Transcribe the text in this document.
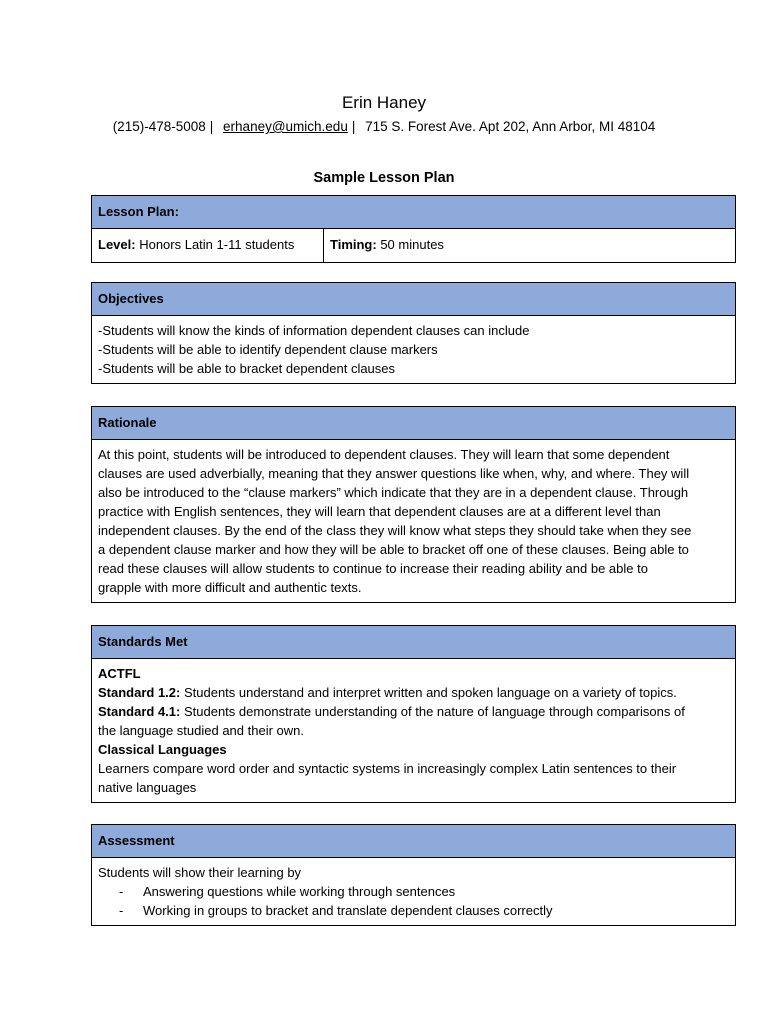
Erin Haney
(215)-478-5008 | erhaney@umich.edu | 715 S. Forest Ave. Apt 202, Ann Arbor, MI 48104
Sample Lesson Plan
Lesson Plan:
Level: Honors Latin 1-11 students	Timing: 50 minutes
Objectives
-Students will know the kinds of information dependent clauses can include
-Students will be able to identify dependent clause markers
-Students will be able to bracket dependent clauses
Rationale
At this point, students will be introduced to dependent clauses. They will learn that some dependent
clauses are used adverbially, meaning that they answer questions like when, why, and where. They will
also be introduced to the “clause markers” which indicate that they are in a dependent clause. Through
practice with English sentences, they will learn that dependent clauses are at a different level than
independent clauses. By the end of the class they will know what steps they should take when they see
a dependent clause marker and how they will be able to bracket off one of these clauses. Being able to
read these clauses will allow students to continue to increase their reading ability and be able to
grapple with more difficult and authentic texts.
Standards Met
ACTFL
Standard 1.2: Students understand and interpret written and spoken language on a variety of topics.
Standard 4.1: Students demonstrate understanding of the nature of language through comparisons of
the language studied and their own.
Classical Languages
Learners compare word order and syntactic systems in increasingly complex Latin sentences to their
native languages
Assessment
Students will show their learning by
- Answering questions while working through sentences
- Working in groups to bracket and translate dependent clauses correctly
